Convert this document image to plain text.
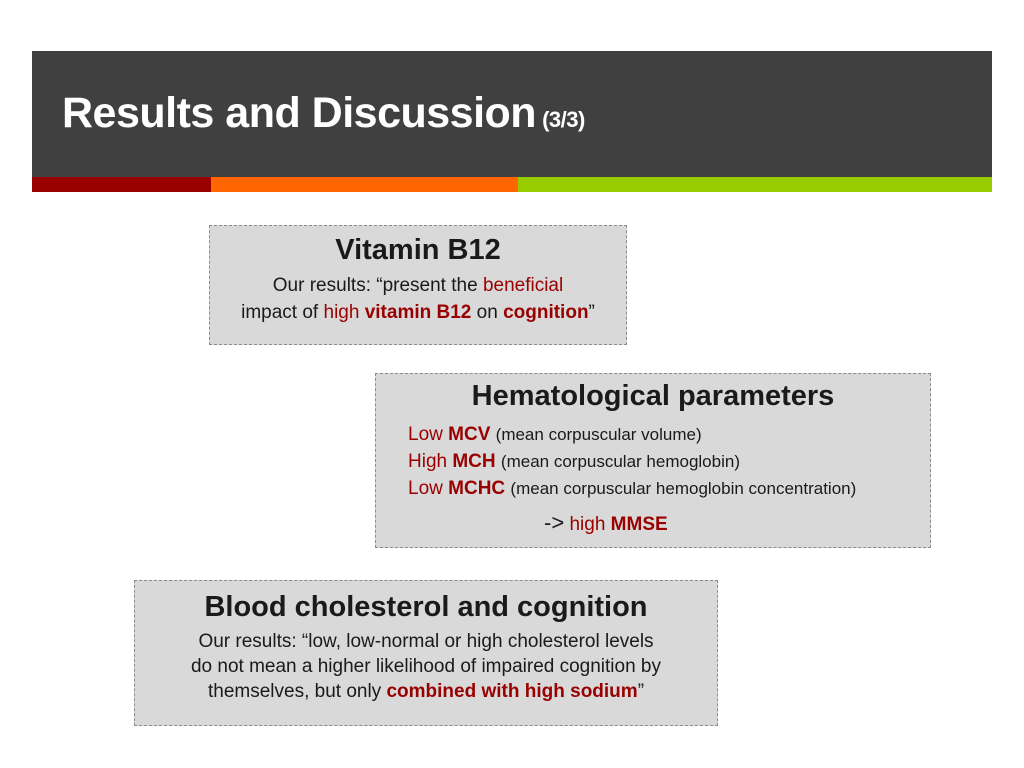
Results and Discussion (3/3)
Vitamin B12
Our results: “present the beneficial
impact of high vitamin B12 on cognition”
Hematological parameters
Low MCV (mean corpuscular volume)
High MCH (mean corpuscular hemoglobin)
Low MCHC (mean corpuscular hemoglobin concentration)
-> high MMSE
Blood cholesterol and cognition
Our results: “low, low-normal or high cholesterol levels
do not mean a higher likelihood of impaired cognition by
themselves, but only combined with high sodium”
